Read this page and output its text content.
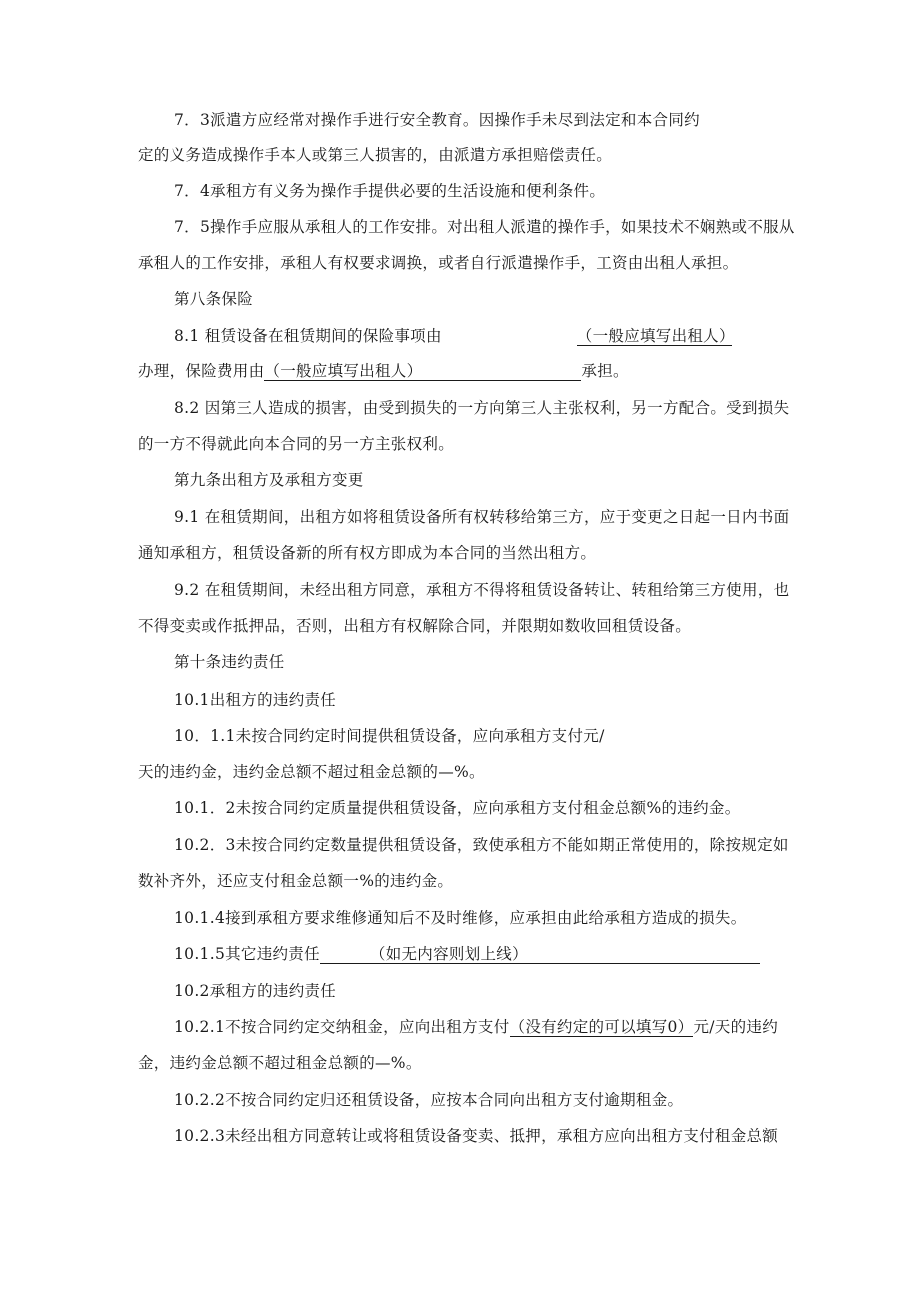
7．3派遣方应经常对操作手进行安全教育。因操作手未尽到法定和本合同约
定的义务造成操作手本人或第三人损害的，由派遣方承担赔偿责任。
7．4承租方有义务为操作手提供必要的生活设施和便利条件。
7．5操作手应服从承租人的工作安排。对出租人派遣的操作手，如果技术不娴熟或不服从
承租人的工作安排，承租人有权要求调换，或者自行派遣操作手，工资由出租人承担。
第八条保险
8.1 租赁设备在租赁期间的保险事项由	（一般应填写出租人）
办理，保险费用由（一般应填写出租人）	承担。
8.2 因第三人造成的损害，由受到损失的一方向第三人主张权利，另一方配合。受到损失
的一方不得就此向本合同的另一方主张权利。
第九条出租方及承租方变更
9.1 在租赁期间，出租方如将租赁设备所有权转移给第三方，应于变更之日起一日内书面
通知承租方，租赁设备新的所有权方即成为本合同的当然出租方。
9.2 在租赁期间，未经出租方同意，承租方不得将租赁设备转让、转租给第三方使用，也
不得变卖或作抵押品，否则，出租方有权解除合同，并限期如数收回租赁设备。
第十条违约责任
10.1出租方的违约责任
10．1.1未按合同约定时间提供租赁设备，应向承租方支付元/
天的违约金，违约金总额不超过租金总额的—%。
10.1．2未按合同约定质量提供租赁设备，应向承租方支付租金总额%的违约金。
10.2．3未按合同约定数量提供租赁设备，致使承租方不能如期正常使用的，除按规定如
数补齐外，还应支付租金总额一%的违约金。
10.1.4接到承租方要求维修通知后不及时维修，应承担由此给承租方造成的损失。
10.1.5其它违约责任	（如无内容则划上线）
10.2承租方的违约责任
10.2.1不按合同约定交纳租金，应向出租方支付（没有约定的可以填写0）元/天的违约
金，违约金总额不超过租金总额的—%。
10.2.2不按合同约定归还租赁设备，应按本合同向出租方支付逾期租金。
10.2.3未经出租方同意转让或将租赁设备变卖、抵押，承租方应向出租方支付租金总额
